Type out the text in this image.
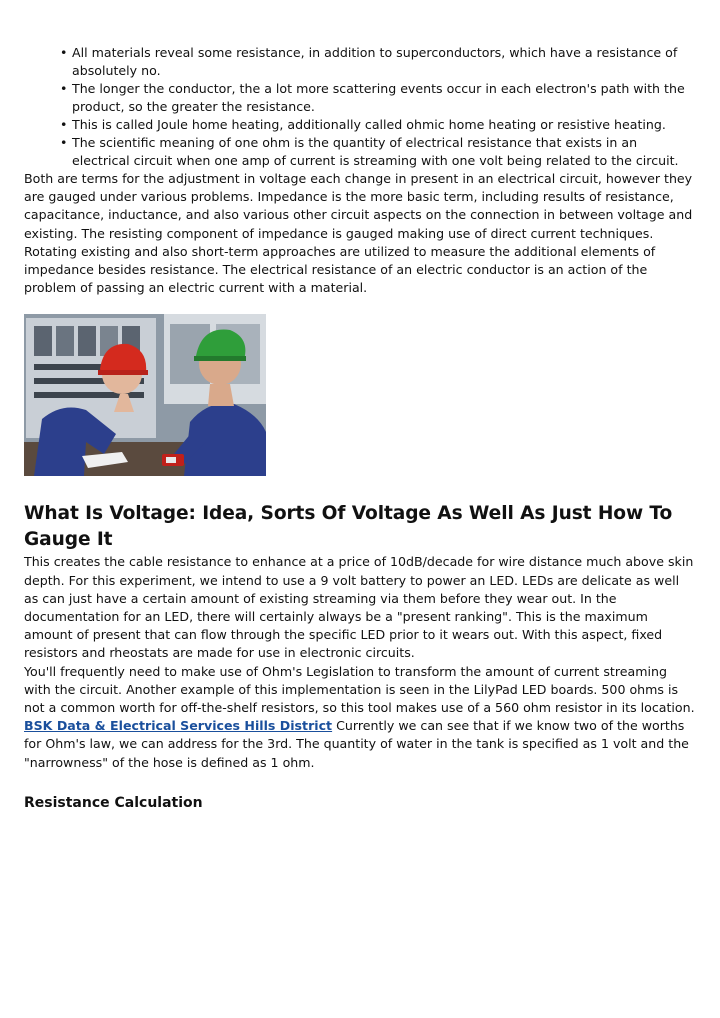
• All materials reveal some resistance, in addition to superconductors, which have a resistance of absolutely no.
• The longer the conductor, the a lot more scattering events occur in each electron's path with the product, so the greater the resistance.
• This is called Joule home heating, additionally called ohmic home heating or resistive heating.
• The scientific meaning of one ohm is the quantity of electrical resistance that exists in an electrical circuit when one amp of current is streaming with one volt being related to the circuit.

Both are terms for the adjustment in voltage each change in present in an electrical circuit, however they are gauged under various problems. Impedance is the more basic term, including results of resistance, capacitance, inductance, and also various other circuit aspects on the connection in between voltage and existing. The resisting component of impedance is gauged making use of direct current techniques. Rotating existing and also short-term approaches are utilized to measure the additional elements of impedance besides resistance. The electrical resistance of an electric conductor is an action of the problem of passing an electric current with a material.

What Is Voltage: Idea, Sorts Of Voltage As Well As Just How To Gauge It

This creates the cable resistance to enhance at a price of 10dB/decade for wire distance much above skin depth. For this experiment, we intend to use a 9 volt battery to power an LED. LEDs are delicate as well as can just have a certain amount of existing streaming via them before they wear out. In the documentation for an LED, there will certainly always be a "present ranking". This is the maximum amount of present that can flow through the specific LED prior to it wears out. With this aspect, fixed resistors and rheostats are made for use in electronic circuits.

You'll frequently need to make use of Ohm's Legislation to transform the amount of current streaming with the circuit. Another example of this implementation is seen in the LilyPad LED boards. 500 ohms is not a common worth for off-the-shelf resistors, so this tool makes use of a 560 ohm resistor in its location. BSK Data & Electrical Services Hills District Currently we can see that if we know two of the worths for Ohm's law, we can address for the 3rd. The quantity of water in the tank is specified as 1 volt and the "narrowness" of the hose is defined as 1 ohm.

Resistance Calculation
